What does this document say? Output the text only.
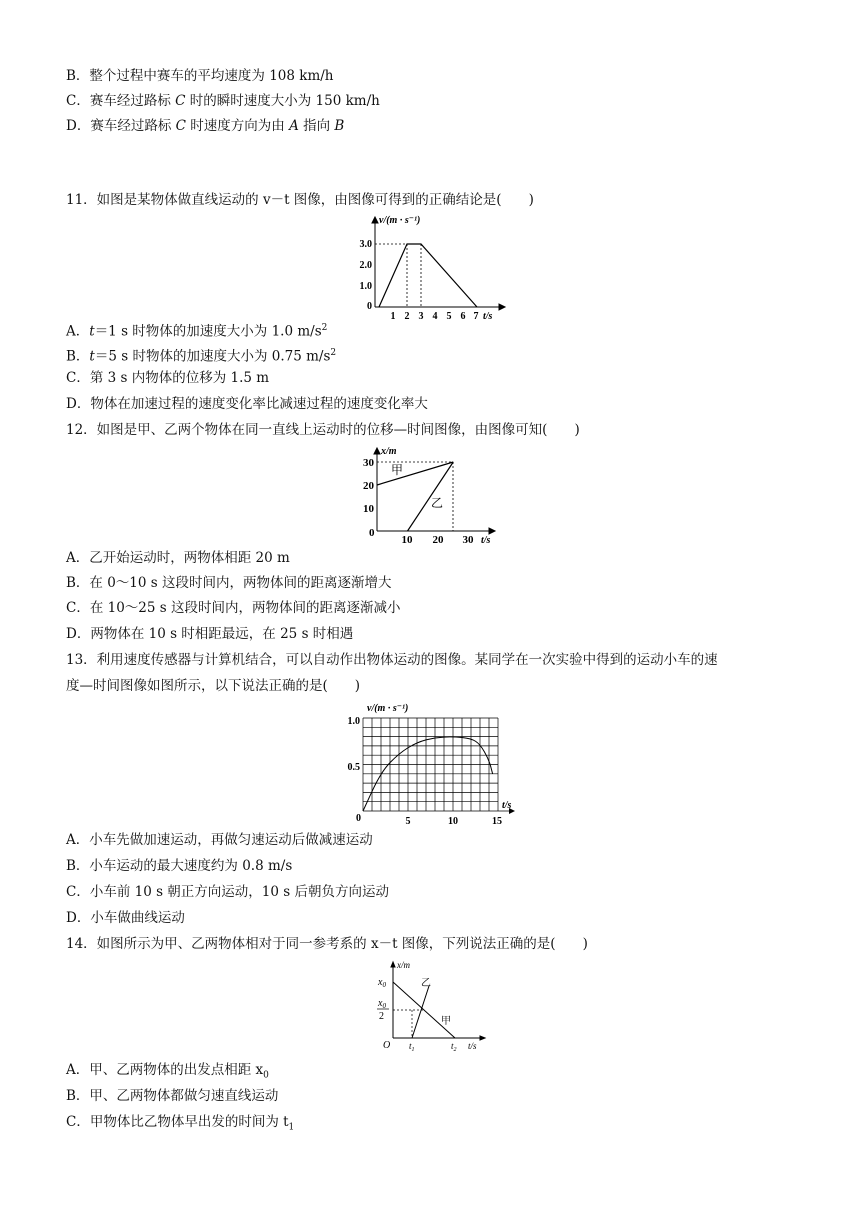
B．整个过程中赛车的平均速度为 108 km/h
C．赛车经过路标 C 时的瞬时速度大小为 150 km/h
D．赛车经过路标 C 时速度方向为由 A 指向 B
11．如图是某物体做直线运动的 v－t 图像，由图像可得到的正确结论是(　　)
v/(m · s⁻¹)
0
3.0
2.0
1.0
1 2 3 4 5 6 7 t/s
A．t＝1 s 时物体的加速度大小为 1.0 $m/s^2$
B．t＝5 s 时物体的加速度大小为 0.75 $m/s^2$
C．第 3 s 内物体的位移为 1.5 m
D．物体在加速过程的速度变化率比减速过程的速度变化率大
12．如图是甲、乙两个物体在同一直线上运动时的位移—时间图像，由图像可知(　　)
x/m
0
30
20
10
10 20 30 t/s
甲
乙
A．乙开始运动时，两物体相距 20 m
B．在 0～10 s 这段时间内，两物体间的距离逐渐增大
C．在 10～25 s 这段时间内，两物体间的距离逐渐减小
D．两物体在 10 s 时相距最远，在 25 s 时相遇
13．利用速度传感器与计算机结合，可以自动作出物体运动的图像。某同学在一次实验中得到的运动小车的速
度—时间图像如图所示，以下说法正确的是(　　)
v/(m · s⁻¹)
0
0.5
1.0
5	10	15
t/s
A．小车先做加速运动，再做匀速运动后做减速运动
B．小车运动的最大速度约为 0.8 m/s
C．小车前 10 s 朝正方向运动，10 s 后朝负方向运动
D．小车做曲线运动
14．如图所示为甲、乙两物体相对于同一参考系的 x－t 图像，下列说法正确的是(　　)
x/m
O
$x_0$
$x_0$
2
$t_1$	$t_2$ t/s
乙
甲
A．甲、乙两物体的出发点相距 $x_0$
B．甲、乙两物体都做匀速直线运动
C．甲物体比乙物体早出发的时间为 $t_1$
